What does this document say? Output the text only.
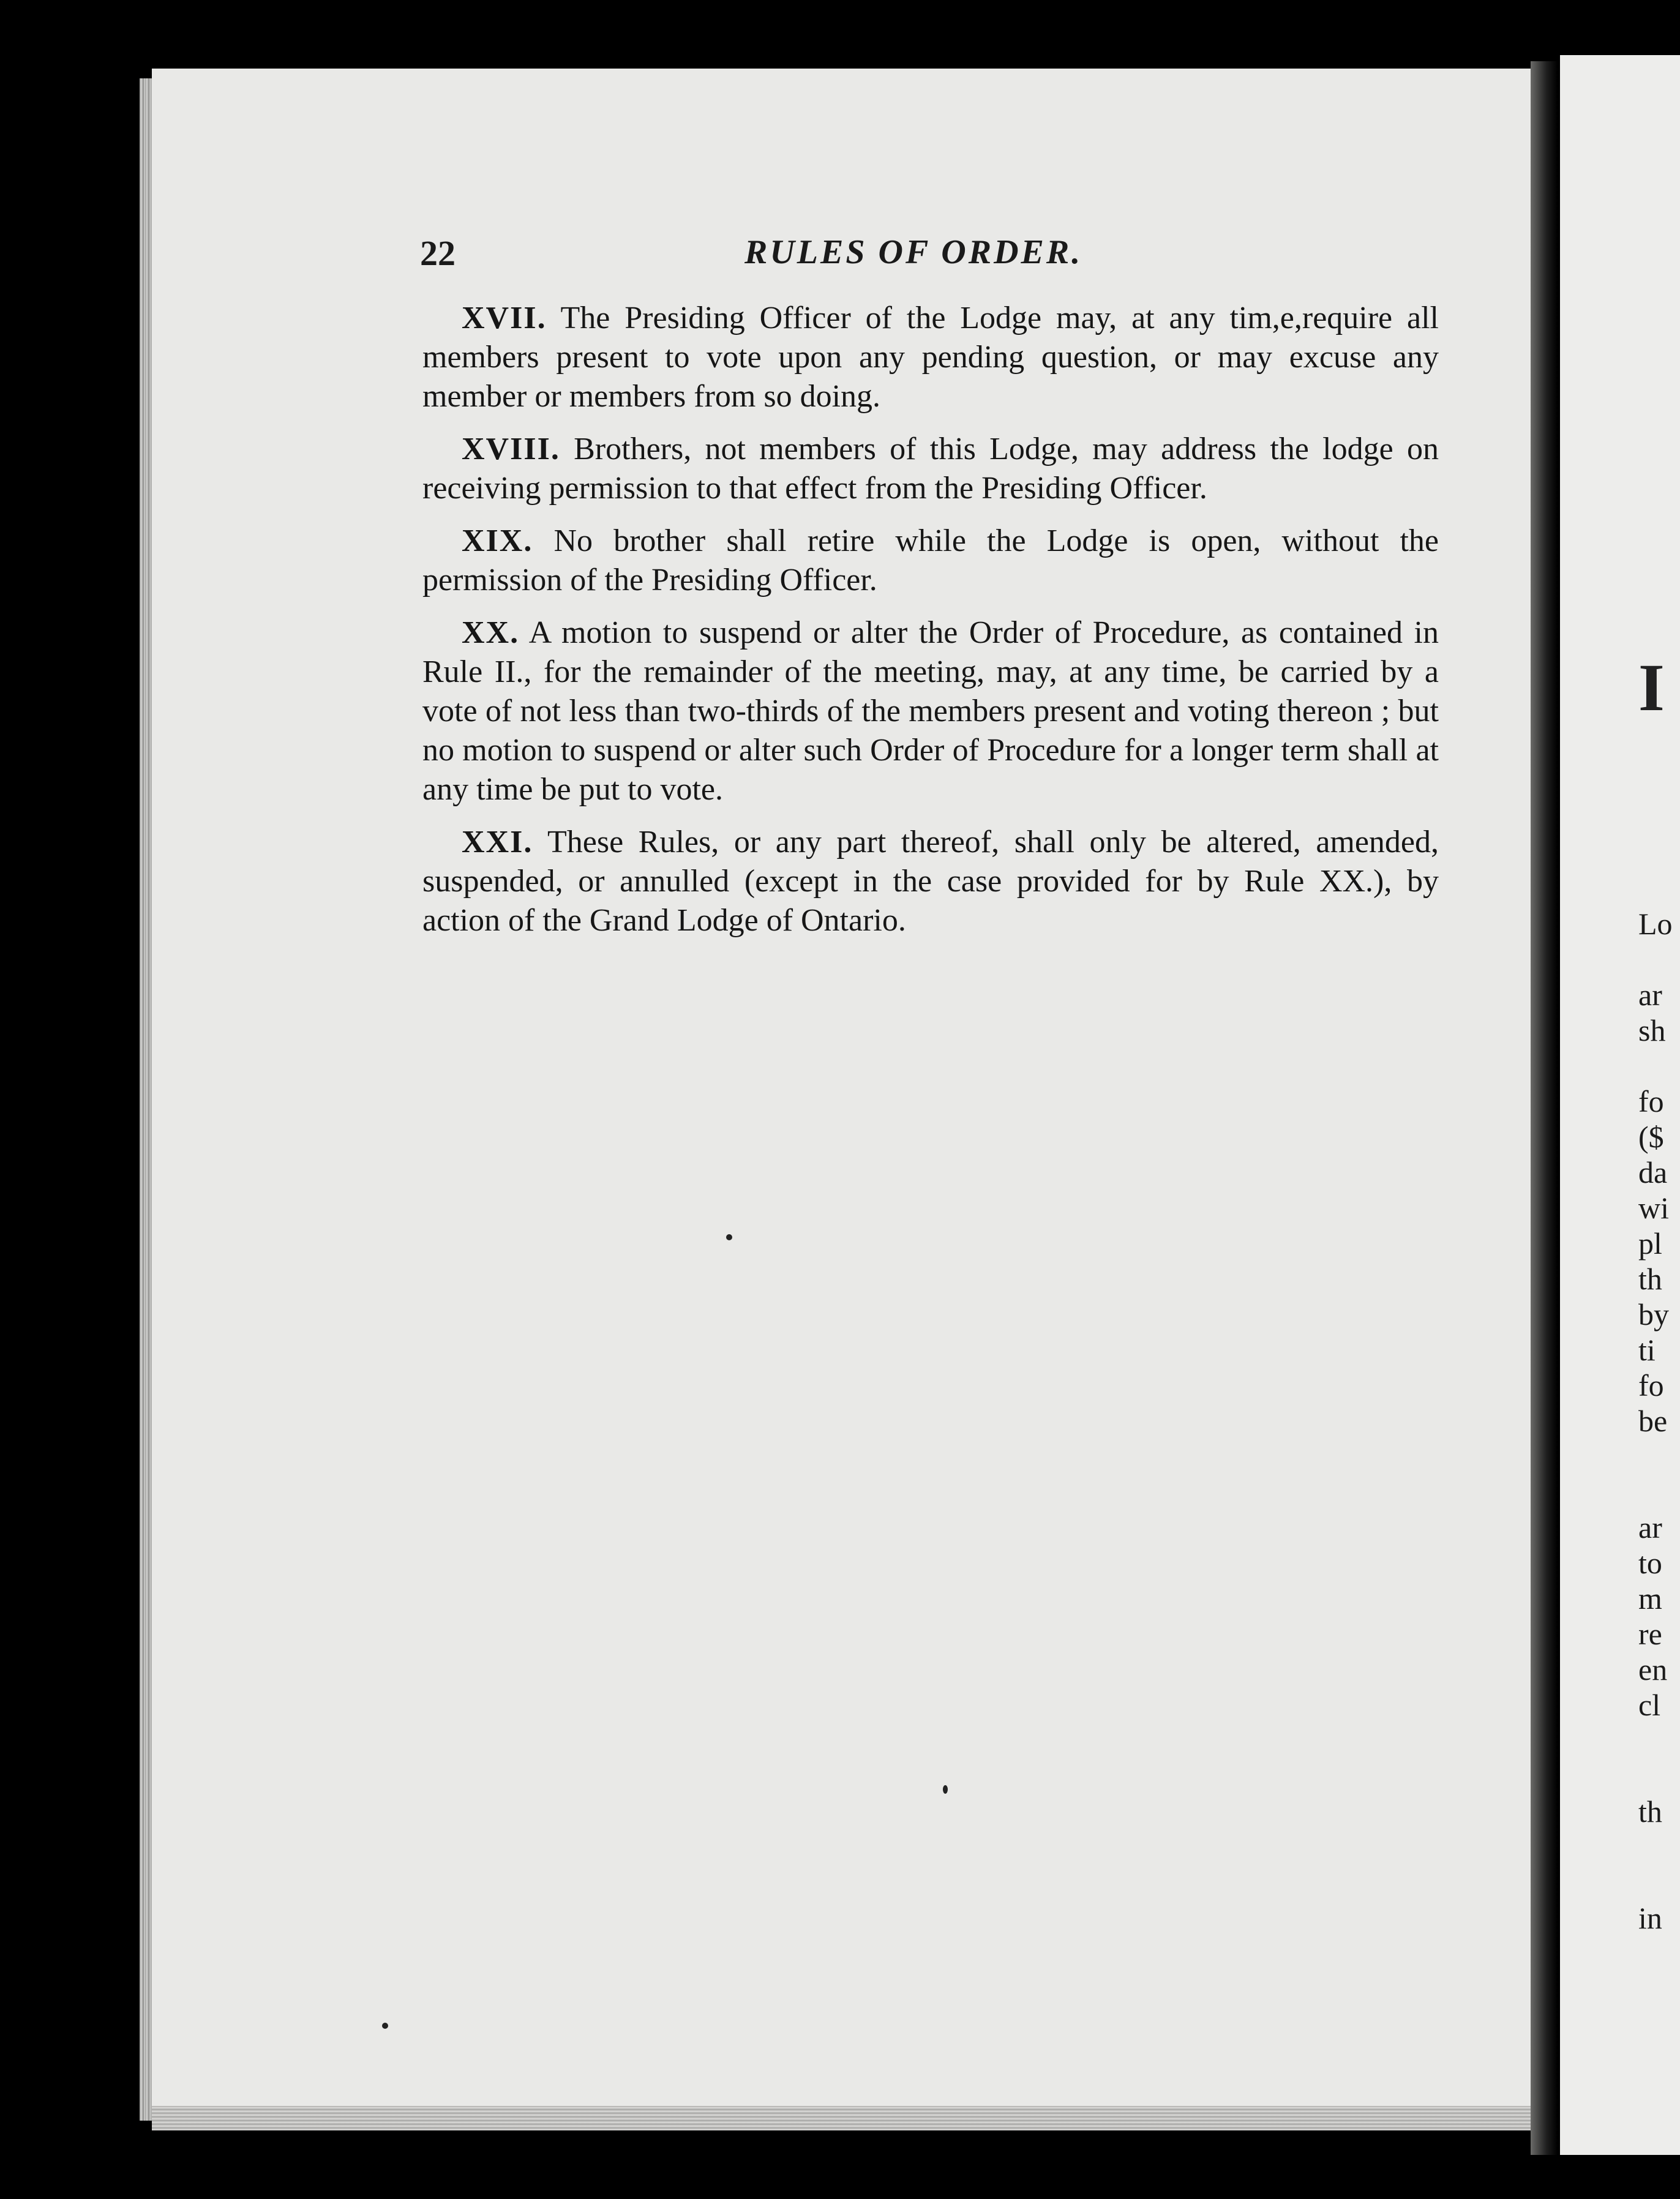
22	RULES OF ORDER.

XVII. The Presiding Officer of the Lodge may, at any tim,e,require all members present to vote upon any pending question, or may excuse any member or members from so doing.

XVIII. Brothers, not members of this Lodge, may address the lodge on receiving permission to that effect from the Presiding Officer.

XIX. No brother shall retire while the Lodge is open, without the permission of the Presiding Officer.

XX. A motion to suspend or alter the Order of Procedure, as contained in Rule II., for the remainder of the meeting, may, at any time, be carried by a vote of not less than two-thirds of the members present and voting thereon ; but no motion to suspend or alter such Order of Procedure for a longer term shall at any time be put to vote.

XXI. These Rules, or any part thereof, shall only be altered, amended, suspended, or annulled (except in the case provided for by Rule XX.), by action of the Grand Lodge of Ontario.

I
Lo

ar
sh

fo
($
da
wi
pl
th
by
ti
fo
be

ar
to
m
re
en
cl

th

in
